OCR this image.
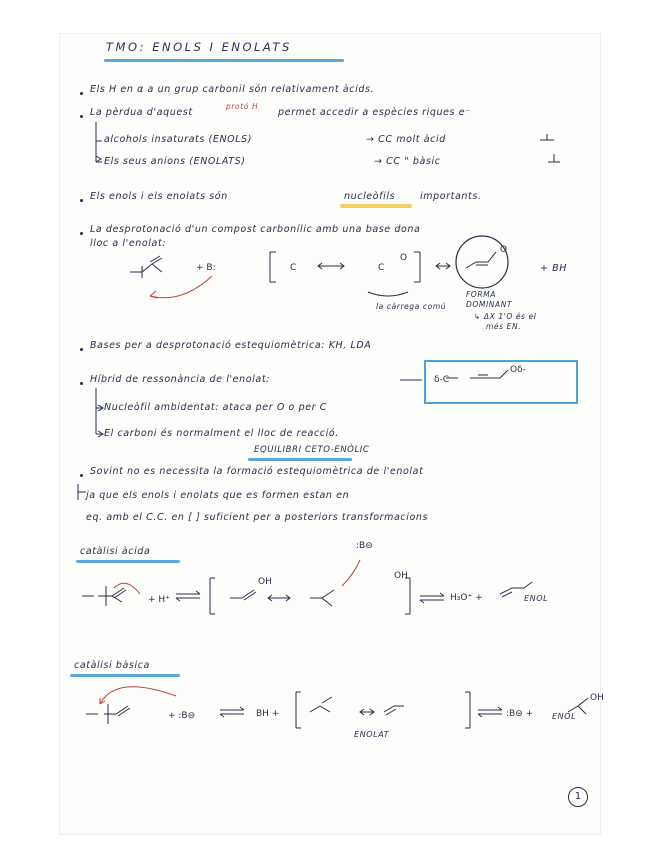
TMO: ENOLS I ENOLATS
Els H en α a un grup carbonil són relativament àcids.
La pèrdua d'aquest
protó H
permet accedir a espècies riques e⁻
alcohols insaturats (ENOLS)	→ CC molt àcid
Els seus anions (ENOLATS)	→ CC " bàsic
Els enols i els enolats són	nucleòfils	importants.
La desprotonació d'un compost carbonílic amb una base dona
lloc a l'enolat:
la càrrega comú
FORMA
DOMINANT
↳ ΔX 1'O és el
més EN.
+ BH
Bases per a desprotonació estequiomètrica: KH, LDA
Híbrid de ressonància de l'enolat:
Nucleòfil ambidentat: ataca per O o per C
El carboni és normalment el lloc de reacció.
EQUILIBRI CETO-ENÒLIC
Sovint no es necessita la formació estequiomètrica de l'enolat
ja que els enols i enolats que es formen estan en
eq. amb el C.C. en [ ] suficient per a posteriors transformacions
catàlisi àcida
ENOL
catàlisi bàsica
ENOLAT
ENOL
1
+ B:	C	C
O
O
δ-C
Oδ-
+ H⁺
OH
OH
H₃O⁺ +
:B⊖
+ :B⊖	BH +	:B⊖ +
OH
